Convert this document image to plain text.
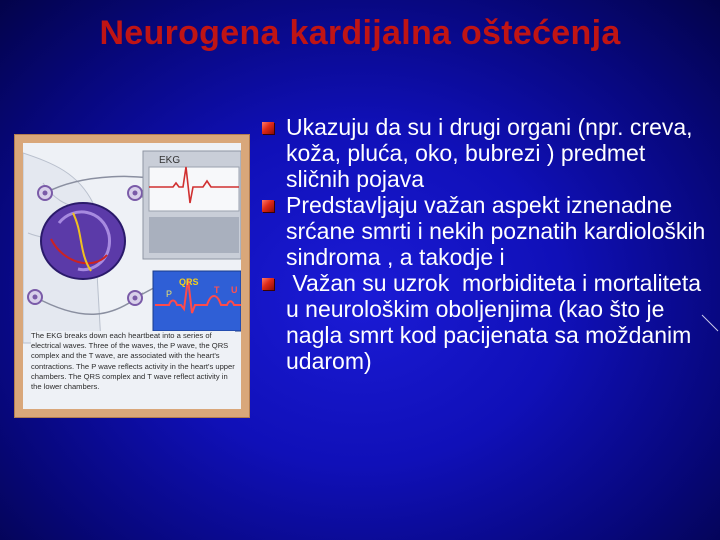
Neurogena kardijalna oštećenja
EKG
P
QRS
T U
The EKG breaks down each heartbeat into a series of electrical waves. Three of the waves, the P wave, the QRS complex and the T wave, are associated with the heart's contractions. The P wave reflects activity in the heart's upper chambers. The QRS complex and T wave reflect activity in the lower chambers.
Ukazuju da su i drugi organi (npr. creva, koža, pluća, oko, bubrezi ) predmet sličnih pojava
Predstavljaju važan aspekt iznenadne srćane smrti i nekih poznatih kardioloških sindroma , a takodje i
Važan su uzrok  morbiditeta i mortaliteta u neurološkim oboljenjima (kao što je nagla smrt kod pacijenata sa moždanim udarom)
